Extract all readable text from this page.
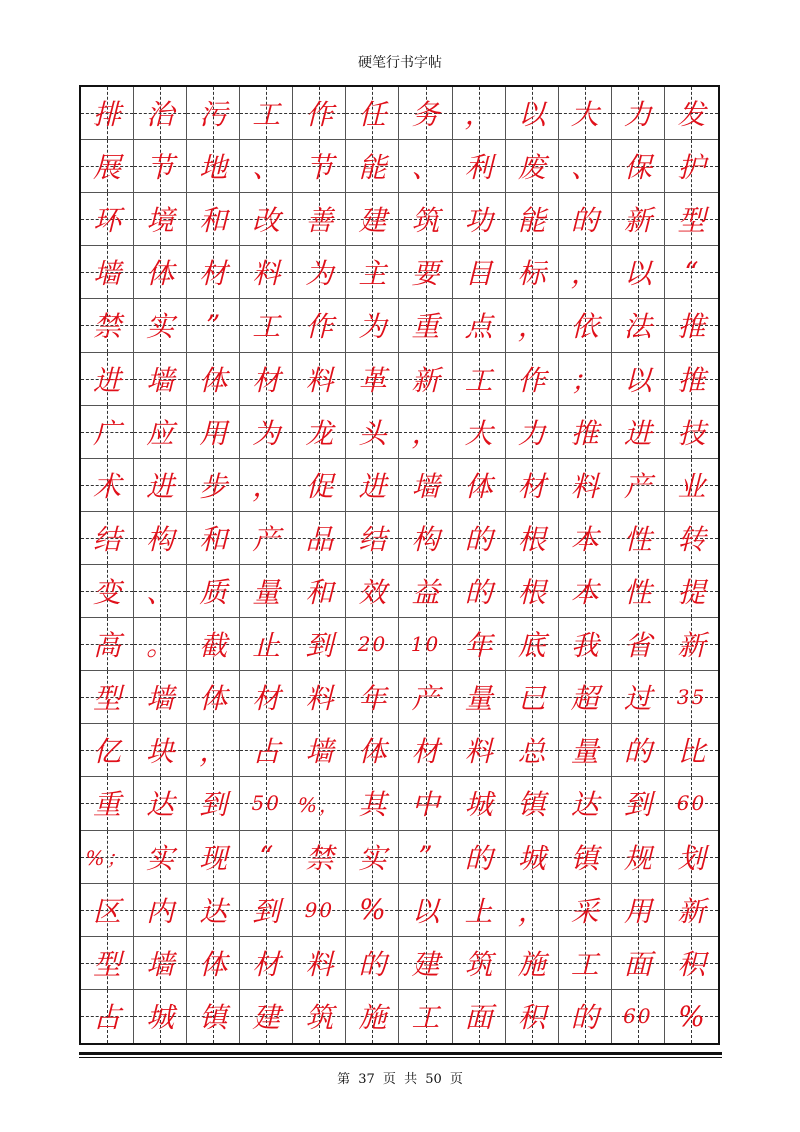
硬笔行书字帖
排 治 污 工 作 任 务 ， 以 大 力 发
展 节 地 、 节 能 、 利 废 、 保 护
环 境 和 改 善 建 筑 功 能 的 新 型
墙 体 材 料 为 主 要 目 标 ， 以 “
禁 实 ” 工 作 为 重 点 ， 依 法 推
进 墙 体 材 料 革 新 工 作 ； 以 推
广 应 用 为 龙 头 ， 大 力 推 进 技
术 进 步 ， 促 进 墙 体 材 料 产 业
结 构 和 产 品 结 构 的 根 本 性 转
变 、 质 量 和 效 益 的 根 本 性 提
高 。 截 止 到 20 10 年 底 我 省 新
型 墙 体 材 料 年 产 量 已 超 过 35
亿 块 ， 占 墙 体 材 料 总 量 的 比
重 达 到 50 %， 其 中 城 镇 达 到 60
%； 实 现 “ 禁 实 ” 的 城 镇 规 划
区 内 达 到 90 % 以 上 ， 采 用 新
型 墙 体 材 料 的 建 筑 施 工 面 积
占 城 镇 建 筑 施 工 面 积 的 60 %
第 37 页 共 50 页
